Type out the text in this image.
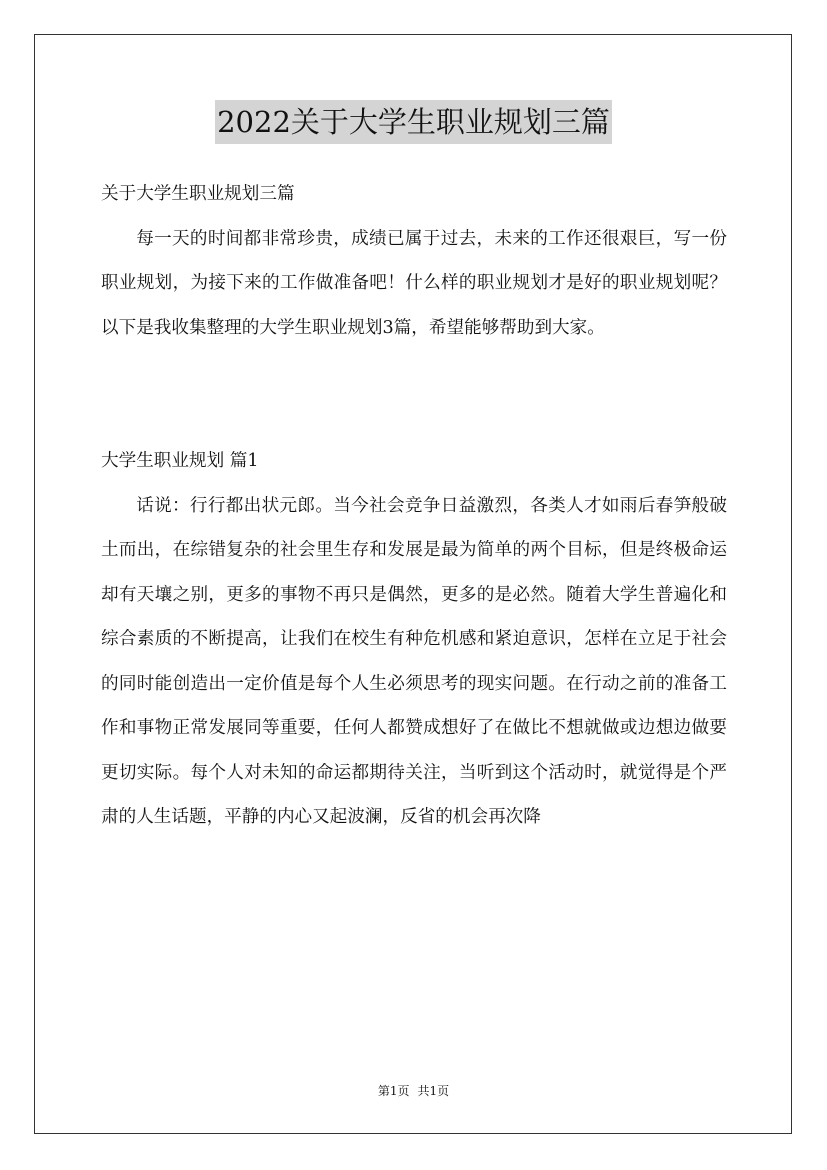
2022关于大学生职业规划三篇

关于大学生职业规划三篇

每一天的时间都非常珍贵，成绩已属于过去，未来的工作还很艰巨，写一份职业规划，为接下来的工作做准备吧！什么样的职业规划才是好的职业规划呢？以下是我收集整理的大学生职业规划3篇，希望能够帮助到大家。

大学生职业规划 篇1

话说：行行都出状元郎。当今社会竞争日益激烈，各类人才如雨后春笋般破土而出，在综错复杂的社会里生存和发展是最为简单的两个目标，但是终极命运却有天壤之别，更多的事物不再只是偶然，更多的是必然。随着大学生普遍化和综合素质的不断提高，让我们在校生有种危机感和紧迫意识，怎样在立足于社会的同时能创造出一定价值是每个人生必须思考的现实问题。在行动之前的准备工作和事物正常发展同等重要，任何人都赞成想好了在做比不想就做或边想边做要更切实际。每个人对未知的命运都期待关注，当听到这个活动时，就觉得是个严肃的人生话题，平静的内心又起波澜，反省的机会再次降

第1页 共1页
